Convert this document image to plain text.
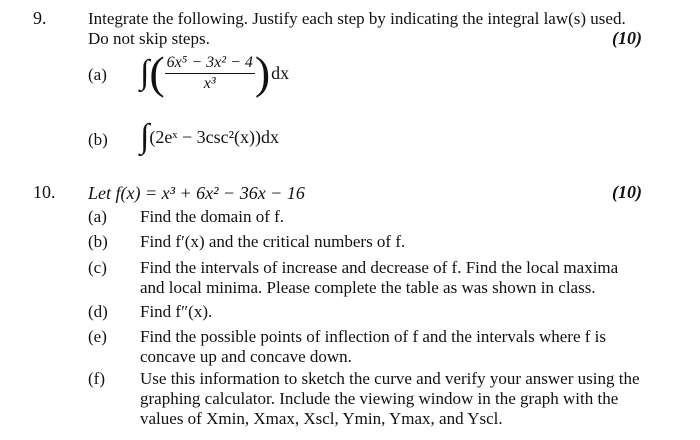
9. Integrate the following. Justify each step by indicating the integral law(s) used.
Do not skip steps.	(10)
(a) ∫ ( $\frac{\text{6x⁵ − 3x² − 4}}{\text{x³}}$ ) dx
(b) ∫ (2eˣ − 3csc²(x))dx
10. Let f(x) = x³ + 6x² − 36x − 16	(10)
(a) Find the domain of f.
(b) Find f′(x) and the critical numbers of f.
(c) Find the intervals of increase and decrease of f. Find the local maxima
and local minima. Please complete the table as was shown in class.
(d) Find f″(x).
(e) Find the possible points of inflection of f and the intervals where f is
concave up and concave down.
(f) Use this information to sketch the curve and verify your answer using the
graphing calculator. Include the viewing window in the graph with the
values of Xmin, Xmax, Xscl, Ymin, Ymax, and Yscl.
